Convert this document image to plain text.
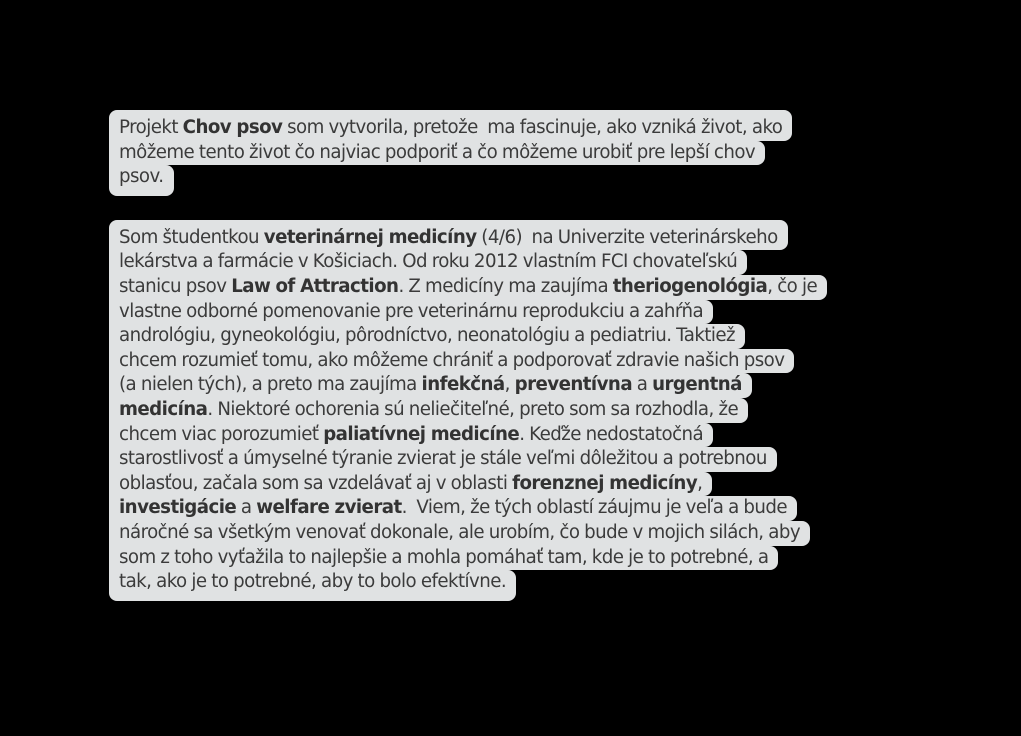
Projekt Chov psov som vytvorila, pretože  ma fascinuje, ako vzniká život, ako
môžeme tento život čo najviac podporiť a čo môžeme urobiť pre lepší chov
psov.
Som študentkou veterinárnej medicíny (4/6)  na Univerzite veterinárskeho
lekárstva a farmácie v Košiciach. Od roku 2012 vlastním FCI chovateľskú
stanicu psov Law of Attraction. Z medicíny ma zaujíma theriogenológia, čo je
vlastne odborné pomenovanie pre veterinárnu reprodukciu a zahŕňa
andrológiu, gyneokológiu, pôrodníctvo, neonatológiu a pediatriu. Taktiež
chcem rozumieť tomu, ako môžeme chrániť a podporovať zdravie našich psov
(a nielen tých), a preto ma zaujíma infekčná, preventívna a urgentná
medicína. Niektoré ochorenia sú neliečiteľné, preto som sa rozhodla, že
chcem viac porozumieť paliatívnej medicíne. Keďže nedostatočná
starostlivosť a úmyselné týranie zvierat je stále veľmi dôležitou a potrebnou
oblasťou, začala som sa vzdelávať aj v oblasti forenznej medicíny,
investigácie a welfare zvierat.  Viem, že tých oblastí záujmu je veľa a bude
náročné sa všetkým venovať dokonale, ale urobím, čo bude v mojich silách, aby
som z toho vyťažila to najlepšie a mohla pomáhať tam, kde je to potrebné, a
tak, ako je to potrebné, aby to bolo efektívne.
